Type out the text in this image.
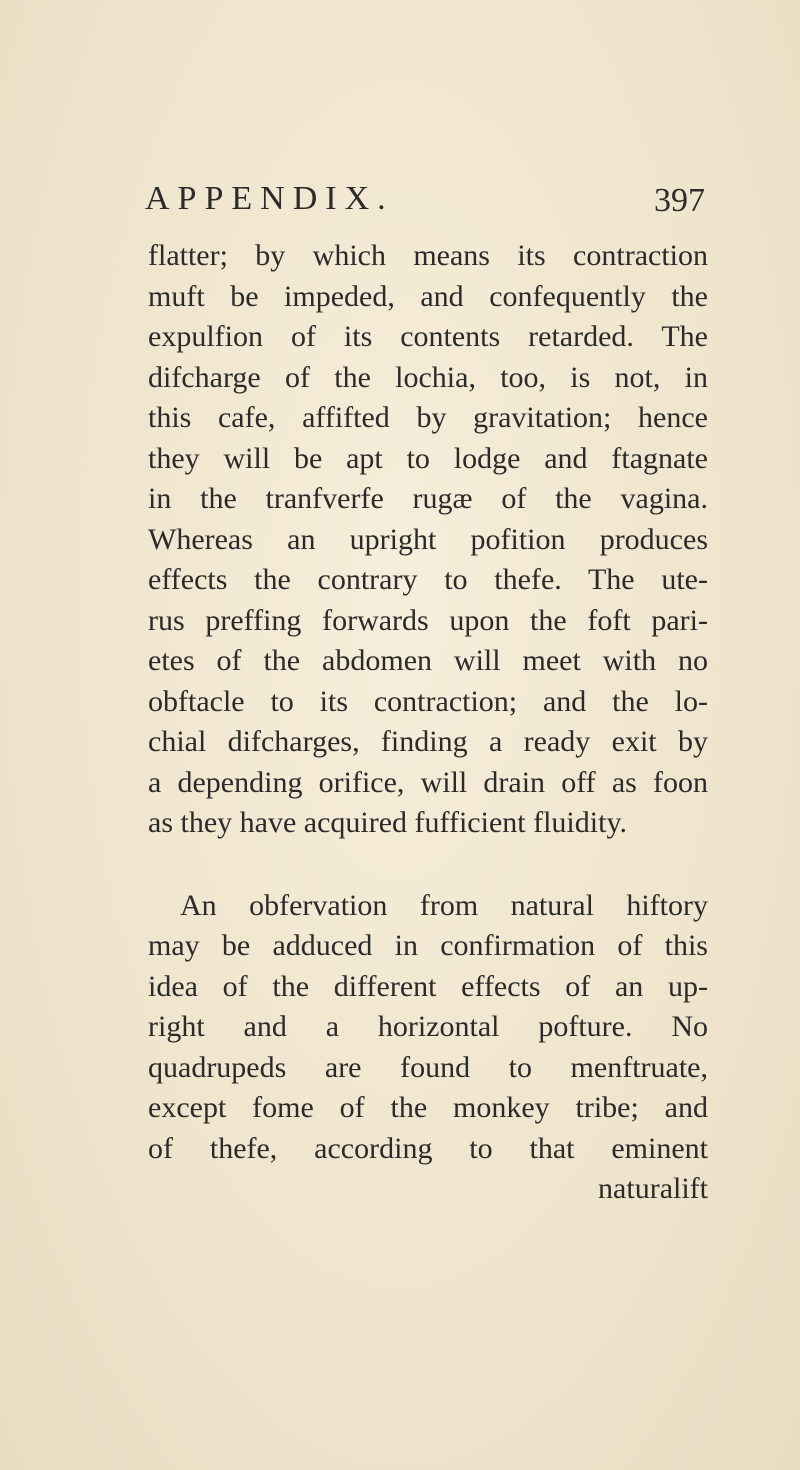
APPENDIX.	397
flatter; by which means its contraction
muft be impeded, and confequently the
expulfion of its contents retarded. The
difcharge of the lochia, too, is not, in
this cafe, affifted by gravitation; hence
they will be apt to lodge and ftagnate
in the tranfverfe rugæ of the vagina.
Whereas an upright pofition produces
effects the contrary to thefe. The ute-
rus preffing forwards upon the foft pari-
etes of the abdomen will meet with no
obftacle to its contraction; and the lo-
chial difcharges, finding a ready exit by
a depending orifice, will drain off as foon
as they have acquired fufficient fluidity.
An obfervation from natural hiftory
may be adduced in confirmation of this
idea of the different effects of an up-
right and a horizontal pofture. No
quadrupeds are found to menftruate,
except fome of the monkey tribe; and
of thefe, according to that eminent
naturalift
